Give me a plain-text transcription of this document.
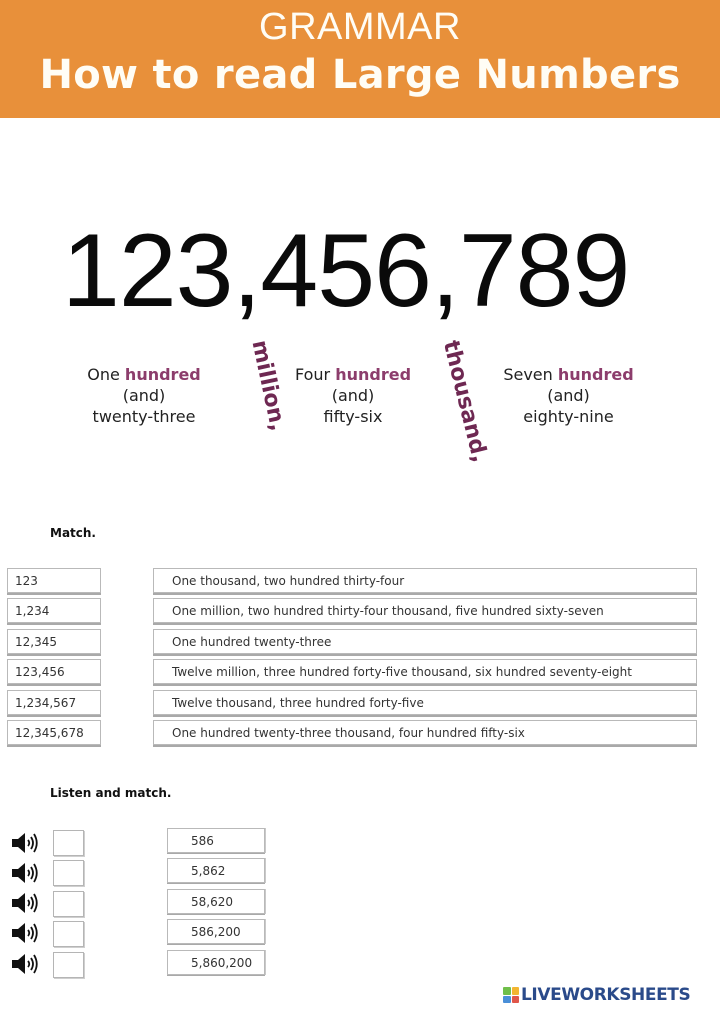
GRAMMAR
How to read Large Numbers
123,456,789
One hundred
(and)
twenty-three	million, Four hundred
(and)
fifty-six	thousand, Seven hundred
(and)
eighty-nine
Match.
123
1,234
12,345
123,456
1,234,567
12,345,678
One thousand, two hundred thirty-four
One million, two hundred thirty-four thousand, five hundred sixty-seven
One hundred twenty-three
Twelve million, three hundred forty-five thousand, six hundred seventy-eight
Twelve thousand, three hundred forty-five
One hundred twenty-three thousand, four hundred fifty-six
Listen and match.
586
5,862
58,620
586,200
5,860,200
LIVEWORKSHEETS
